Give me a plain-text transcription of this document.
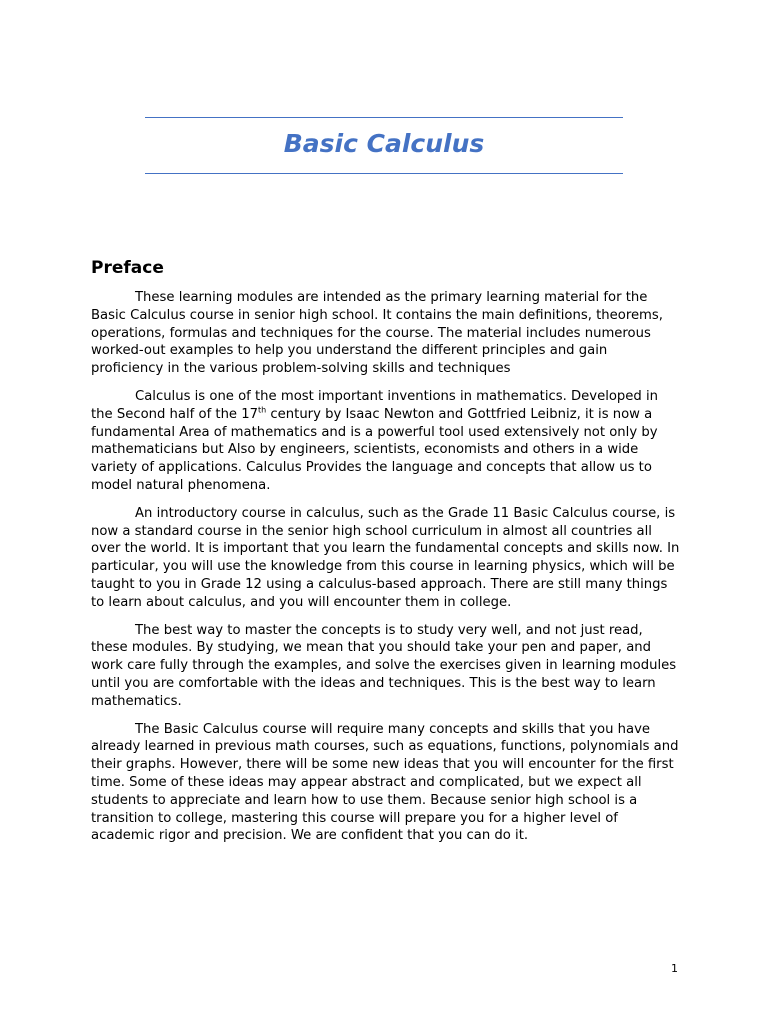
Basic Calculus
Preface

These learning modules are intended as the primary learning material for the Basic Calculus course in senior high school. It contains the main definitions, theorems, operations, formulas and techniques for the course. The material includes numerous worked-out examples to help you understand the different principles and gain proficiency in the various problem-solving skills and techniques

Calculus is one of the most important inventions in mathematics. Developed in the Second half of the 17th century by Isaac Newton and Gottfried Leibniz, it is now a fundamental Area of mathematics and is a powerful tool used extensively not only by mathematicians but Also by engineers, scientists, economists and others in a wide variety of applications. Calculus Provides the language and concepts that allow us to model natural phenomena.

An introductory course in calculus, such as the Grade 11 Basic Calculus course, is now a standard course in the senior high school curriculum in almost all countries all over the world. It is important that you learn the fundamental concepts and skills now. In particular, you will use the knowledge from this course in learning physics, which will be taught to you in Grade 12 using a calculus-based approach. There are still many things to learn about calculus, and you will encounter them in college.

The best way to master the concepts is to study very well, and not just read, these modules. By studying, we mean that you should take your pen and paper, and work care fully through the examples, and solve the exercises given in learning modules until you are comfortable with the ideas and techniques. This is the best way to learn mathematics.

The Basic Calculus course will require many concepts and skills that you have already learned in previous math courses, such as equations, functions, polynomials and their graphs. However, there will be some new ideas that you will encounter for the first time. Some of these ideas may appear abstract and complicated, but we expect all students to appreciate and learn how to use them. Because senior high school is a transition to college, mastering this course will prepare you for a higher level of academic rigor and precision. We are confident that you can do it.

1
